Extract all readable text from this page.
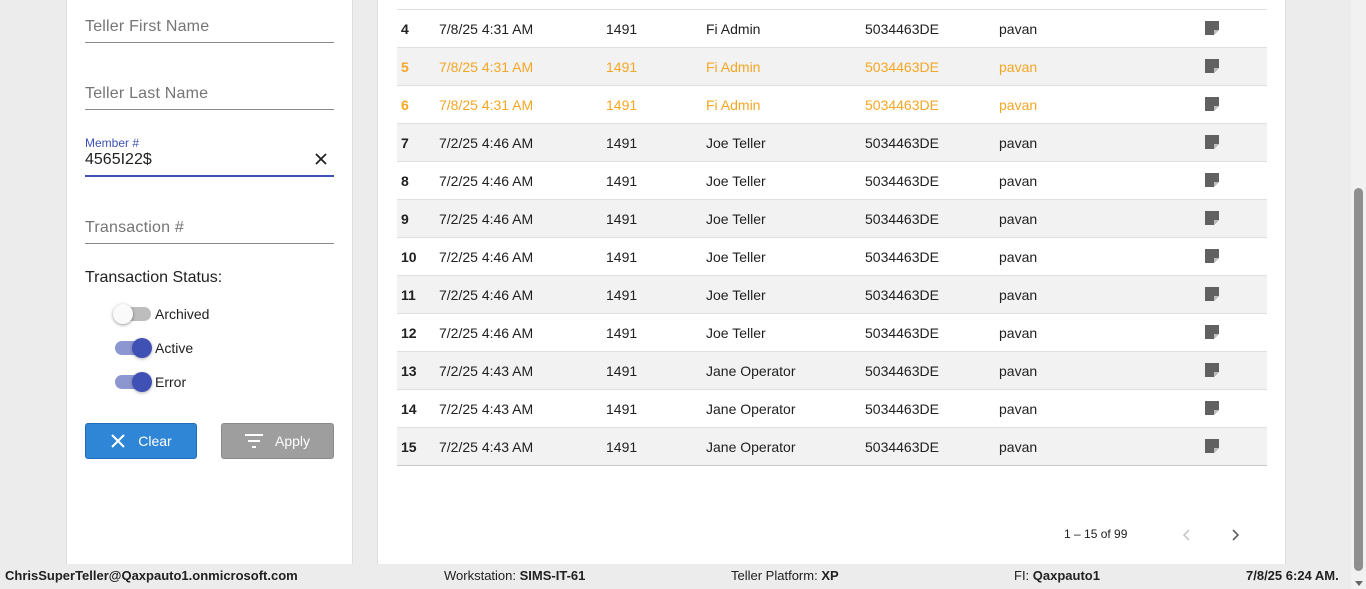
Teller First Name
Teller Last Name
Member #
4565I22$
Transaction #
Transaction Status:
Archived
Active
Error
Clear	Apply
4 7/8/25 4:31 AM	1491	Fi Admin	5034463DE	pavan
5 7/8/25 4:31 AM	1491	Fi Admin	5034463DE	pavan
6 7/8/25 4:31 AM	1491	Fi Admin	5034463DE	pavan
7 7/2/25 4:46 AM	1491	Joe Teller	5034463DE	pavan
8 7/2/25 4:46 AM	1491	Joe Teller	5034463DE	pavan
9 7/2/25 4:46 AM	1491	Joe Teller	5034463DE	pavan
10 7/2/25 4:46 AM	1491	Joe Teller	5034463DE	pavan
11 7/2/25 4:46 AM	1491	Joe Teller	5034463DE	pavan
12 7/2/25 4:46 AM	1491	Joe Teller	5034463DE	pavan
13 7/2/25 4:43 AM	1491	Jane Operator	5034463DE	pavan
14 7/2/25 4:43 AM	1491	Jane Operator	5034463DE	pavan
15 7/2/25 4:43 AM	1491	Jane Operator	5034463DE	pavan
1 – 15 of 99
ChrisSuperTeller@Qaxpauto1.onmicrosoft.com	Workstation: SIMS-IT-61	Teller Platform: XP	FI: Qaxpauto1	7/8/25 6:24 AM.
